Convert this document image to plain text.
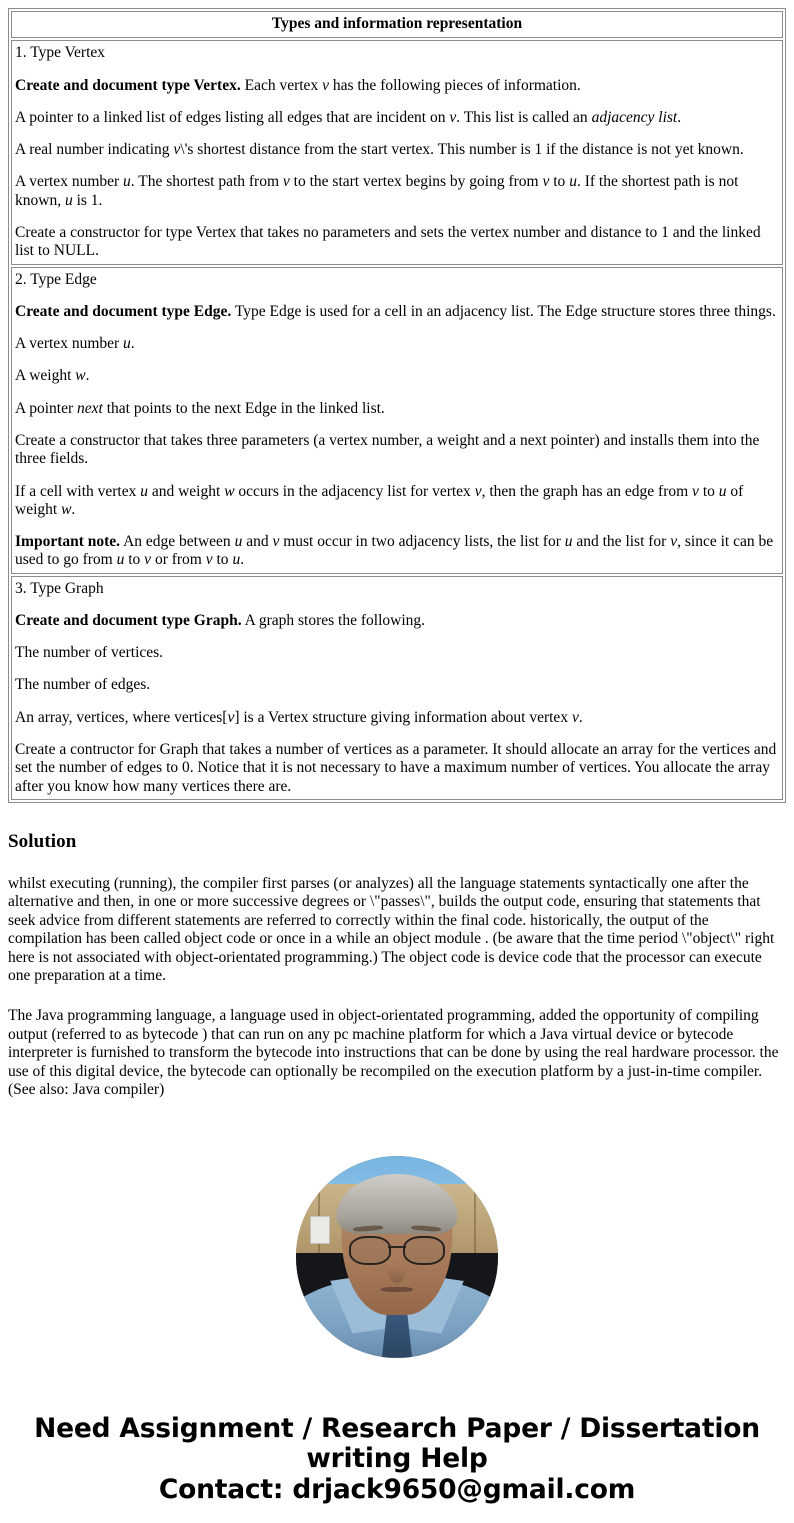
Types and information representation

1. Type Vertex

Create and document type Vertex. Each vertex v has the following pieces of information.

A pointer to a linked list of edges listing all edges that are incident on v. This list is called an adjacency list.

A real number indicating v\'s shortest distance from the start vertex. This number is 1 if the distance is not yet known.

A vertex number u. The shortest path from v to the start vertex begins by going from v to u. If the shortest path is not known, u is 1.

Create a constructor for type Vertex that takes no parameters and sets the vertex number and distance to 1 and the linked list to NULL.

2. Type Edge

Create and document type Edge. Type Edge is used for a cell in an adjacency list. The Edge structure stores three things.

A vertex number u.

A weight w.

A pointer next that points to the next Edge in the linked list.

Create a constructor that takes three parameters (a vertex number, a weight and a next pointer) and installs them into the three fields.

If a cell with vertex u and weight w occurs in the adjacency list for vertex v, then the graph has an edge from v to u of weight w.

Important note. An edge between u and v must occur in two adjacency lists, the list for u and the list for v, since it can be used to go from u to v or from v to u.

3. Type Graph

Create and document type Graph. A graph stores the following.

The number of vertices.

The number of edges.

An array, vertices, where vertices[v] is a Vertex structure giving information about vertex v.

Create a contructor for Graph that takes a number of vertices as a parameter. It should allocate an array for the vertices and set the number of edges to 0. Notice that it is not necessary to have a maximum number of vertices. You allocate the array after you know how many vertices there are.

Solution

whilst executing (running), the compiler first parses (or analyzes) all the language statements syntactically one after the alternative and then, in one or more successive degrees or \"passes\", builds the output code, ensuring that statements that seek advice from different statements are referred to correctly within the final code. historically, the output of the compilation has been called object code or once in a while an object module . (be aware that the time period \"object\" right here is not associated with object-orientated programming.) The object code is device code that the processor can execute one preparation at a time.

The Java programming language, a language used in object-orientated programming, added the opportunity of compiling output (referred to as bytecode ) that can run on any pc machine platform for which a Java virtual device or bytecode interpreter is furnished to transform the bytecode into instructions that can be done by using the real hardware processor. the use of this digital device, the bytecode can optionally be recompiled on the execution platform by a just-in-time compiler. (See also: Java compiler)

Need Assignment / Research Paper / Dissertation writing Help
Contact: drjack9650@gmail.com
